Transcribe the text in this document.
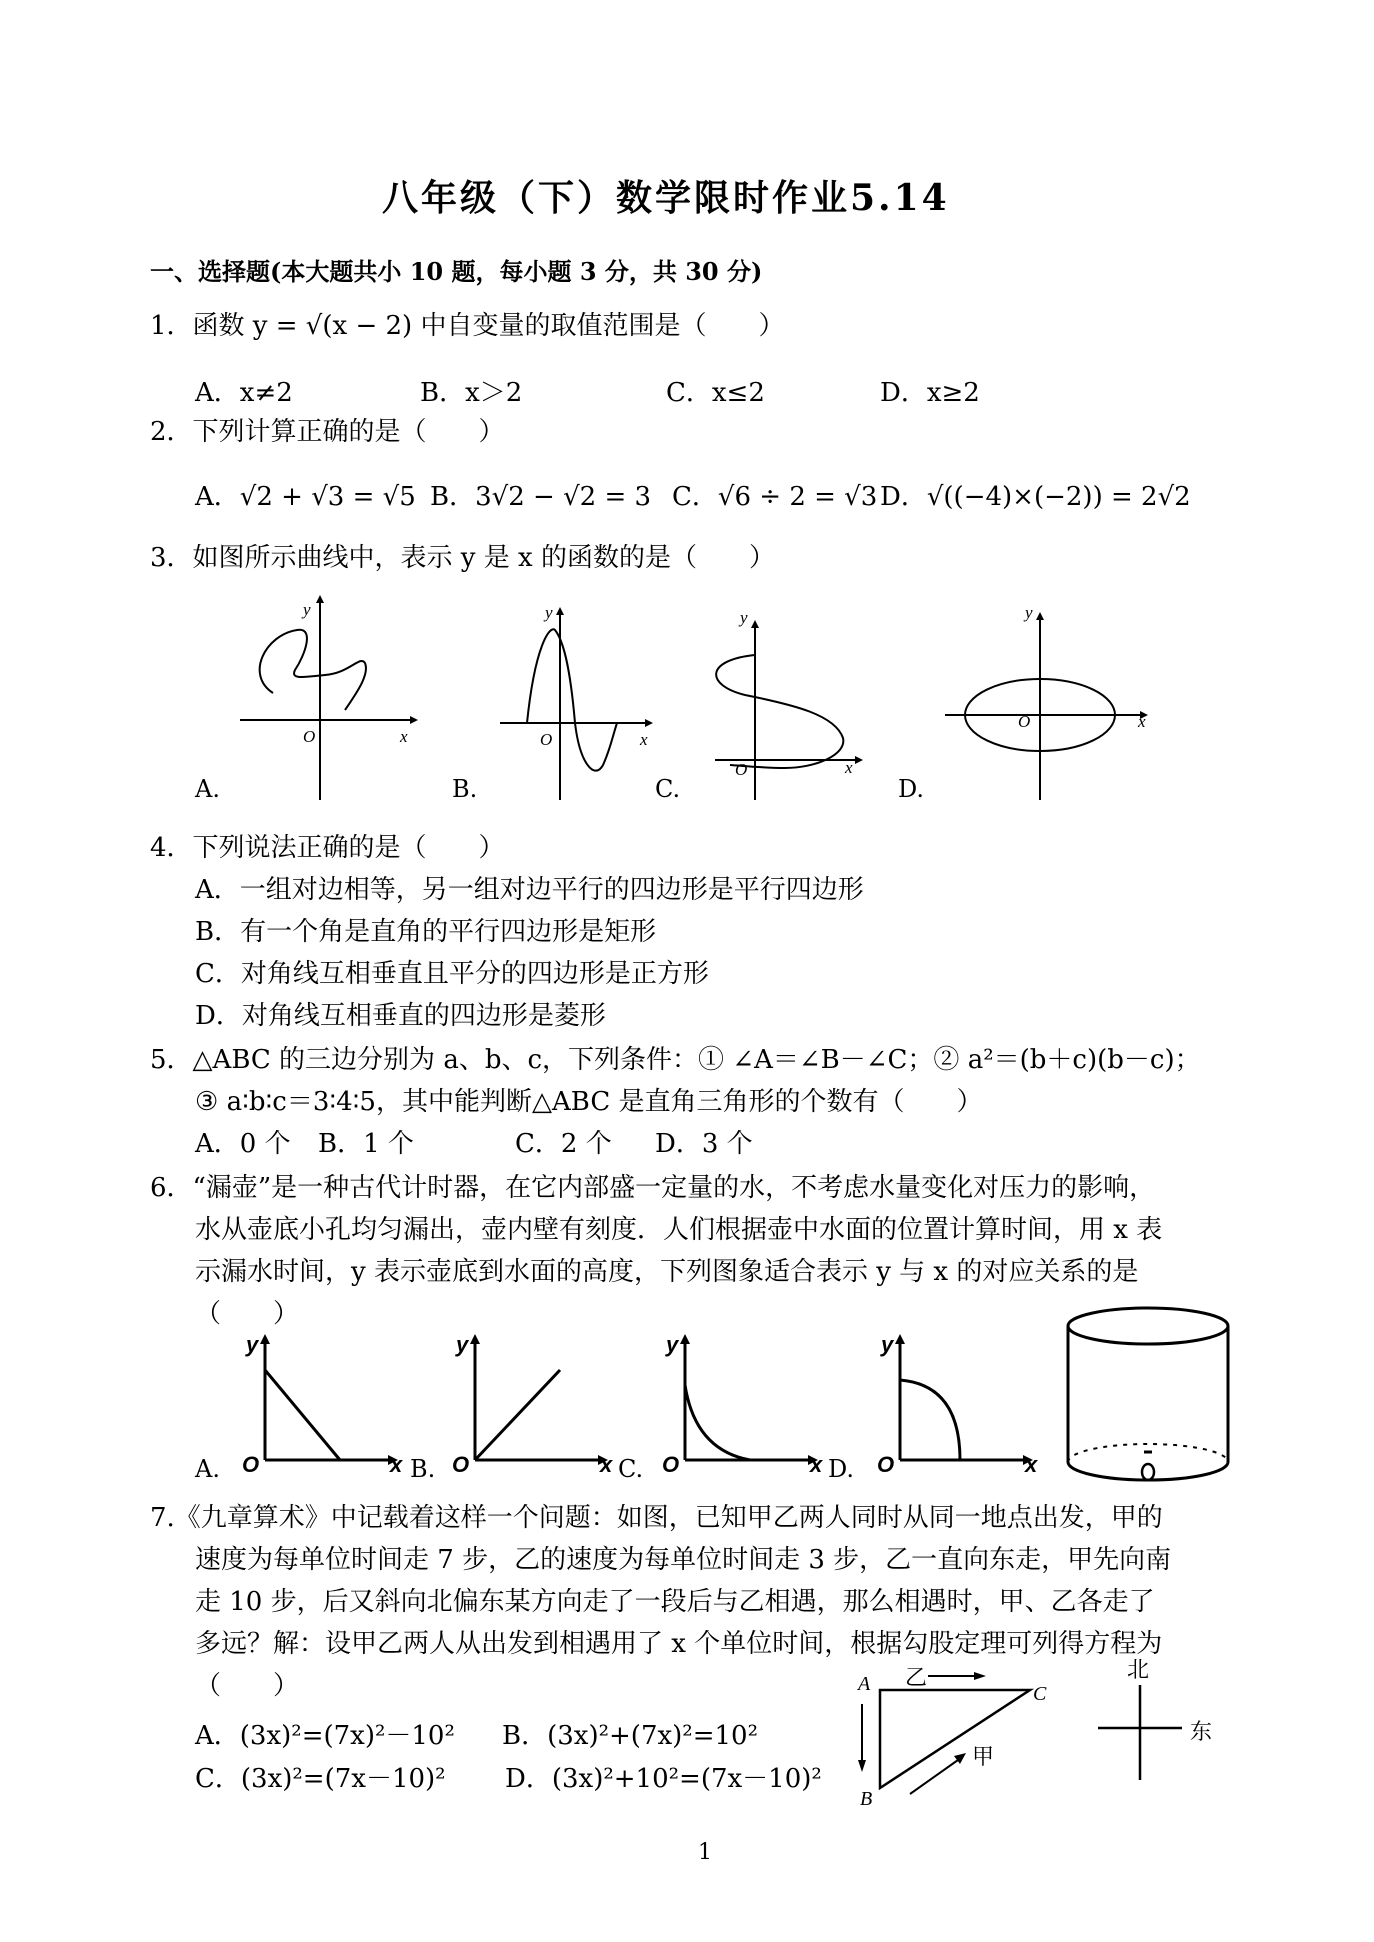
八年级（下）数学限时作业5.14
一、选择题(本大题共小 10 题，每小题 3 分，共 30 分)
1．函数 y = √(x − 2) 中自变量的取值范围是（　　）
A．x≠2	B．x＞2	C．x≤2	D．x≥2
2．下列计算正确的是（　　）
A．√2 + √3 = √5 B．3√2 − √2 = 3 C．√6 ÷ 2 = √3 D．√((−4)×(−2)) = 2√2
3．如图所示曲线中，表示 y 是 x 的函数的是（　　）
y
O	x
A.
y
O	x
B.
y
O	x
C.
y
O	x
D.
4．下列说法正确的是（　　）
A．一组对边相等，另一组对边平行的四边形是平行四边形
B．有一个角是直角的平行四边形是矩形
C．对角线互相垂直且平分的四边形是正方形
D．对角线互相垂直的四边形是菱形
5．△ABC 的三边分别为 a、b、c，下列条件：① ∠A＝∠B－∠C；② a²＝(b＋c)(b－c)；
③ a∶b∶c＝3∶4∶5，其中能判断△ABC 是直角三角形的个数有（　　）
A．0 个 B．1 个	C．2 个 D．3 个
6．“漏壶”是一种古代计时器，在它内部盛一定量的水，不考虑水量变化对压力的影响，
水从壶底小孔均匀漏出，壶内壁有刻度．人们根据壶中水面的位置计算时间，用 x 表
示漏水时间，y 表示壶底到水面的高度，下列图象适合表示 y 与 x 的对应关系的是
（　　）
y
O	x
A.
y
O	x
B.
y
O	x
C.
y
O	x
D.
7.《九章算术》中记载着这样一个问题：如图，已知甲乙两人同时从同一地点出发，甲的
速度为每单位时间走 7 步，乙的速度为每单位时间走 3 步，乙一直向东走，甲先向南
走 10 步，后又斜向北偏东某方向走了一段后与乙相遇，那么相遇时，甲、乙各走了
多远？解：设甲乙两人从出发到相遇用了 x 个单位时间，根据勾股定理可列得方程为
（　　）
A．(3x)²=(7x)²－10² B．(3x)²+(7x)²=10²
C．(3x)²=(7x－10)² D．(3x)²+10²=(7x－10)²
A	C
B
乙
甲
北
东
1
